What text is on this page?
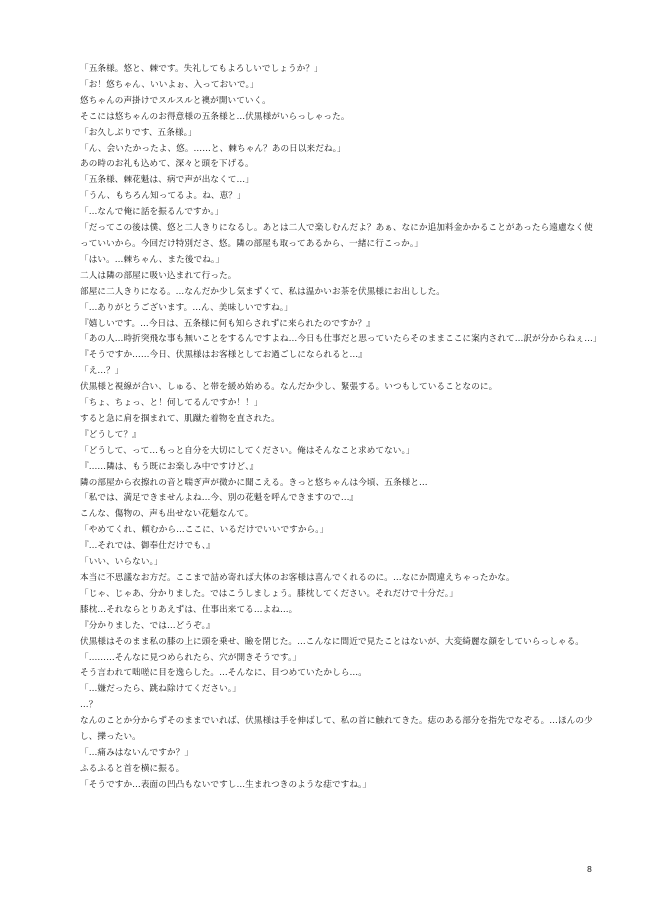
「五条様。悠と、棘です。失礼してもよろしいでしょうか？」
「お！悠ちゃん、いいよぉ、入っておいで。」
悠ちゃんの声掛けでスルスルと襖が開いていく。
そこには悠ちゃんのお得意様の五条様と…伏黒様がいらっしゃった。
「お久しぶりです、五条様。」
「ん、会いたかったよ、悠。……と、棘ちゃん？あの日以来だね。」
あの時のお礼も込めて、深々と頭を下げる。
「五条様、棘花魁は、病で声が出なくて…」
「うん、もちろん知ってるよ。ね、恵？」
「…なんで俺に話を振るんですか。」
「だってこの後は僕、悠と二人きりになるし。あとは二人で楽しむんだよ？あぁ、なにか追加料金かかることがあったら遠慮なく使っていいから。今回だけ特別ださ、悠。隣の部屋も取ってあるから、一緒に行こっか。」
「はい。…棘ちゃん、また後でね。」
二人は隣の部屋に吸い込まれて行った。
部屋に二人きりになる。…なんだか少し気まずくて、私は温かいお茶を伏黒様にお出しした。
「…ありがとうございます。…ん、美味しいですね。」
『嬉しいです。…今日は、五条様に何も知らされずに来られたのですか？』
「あの人…時折突飛な事も無いことをするんですよね…今日も仕事だと思っていたらそのままここに案内されて…訳が分からねぇ…」
『そうですか……今日、伏黒様はお客様としてお過ごしになられると…』
「え…？」
伏黒様と視線が合い、しゅる、と帯を緩め始める。なんだか少し、緊張する。いつもしていることなのに。
「ちょ、ちょっ、と！何してるんですか！！」
すると急に肩を掴まれて、肌蹴た着物を直された。
『どうして？』
「どうして、って…もっと自分を大切にしてください。俺はそんなこと求めてない。」
『……隣は、もう既にお楽しみ中ですけど、』
隣の部屋から衣擦れの音と喘ぎ声が微かに聞こえる。きっと悠ちゃんは今頃、五条様と…
「私では、満足できませんよね…今、別の花魁を呼んできますので…』
こんな、傷物の、声も出せない花魁なんて。
「やめてくれ、頼むから…ここに、いるだけでいいですから。」
『…それでは、御奉仕だけでも、』
「いい、いらない。」
本当に不思議なお方だ。ここまで詰め寄れば大体のお客様は喜んでくれるのに。…なにか間違えちゃったかな。
「じゃ、じゃあ、分かりました。ではこうしましょう。膝枕してください。それだけで十分だ。」
膝枕…それならとりあえずは、仕事出来てる…よね…。
『分かりました、では…どうぞ。』
伏黒様はそのまま私の膝の上に頭を乗せ、瞼を閉じた。…こんなに間近で見たことはないが、大変綺麗な顔をしていらっしゃる。
「………そんなに見つめられたら、穴が開きそうです。」
そう言われて咄嗟に目を逸らした。…そんなに、目つめていたかしら…。
「…嫌だったら、跳ね除けてください。」
…？
なんのことか分からずそのままでいれば、伏黒様は手を伸ばして、私の首に触れてきた。痣のある部分を指先でなぞる。…ほんの少し、擽ったい。
「…痛みはないんですか？」
ふるふると首を横に振る。
「そうですか…表面の凹凸もないですし…生まれつきのような痣ですね。」
8
